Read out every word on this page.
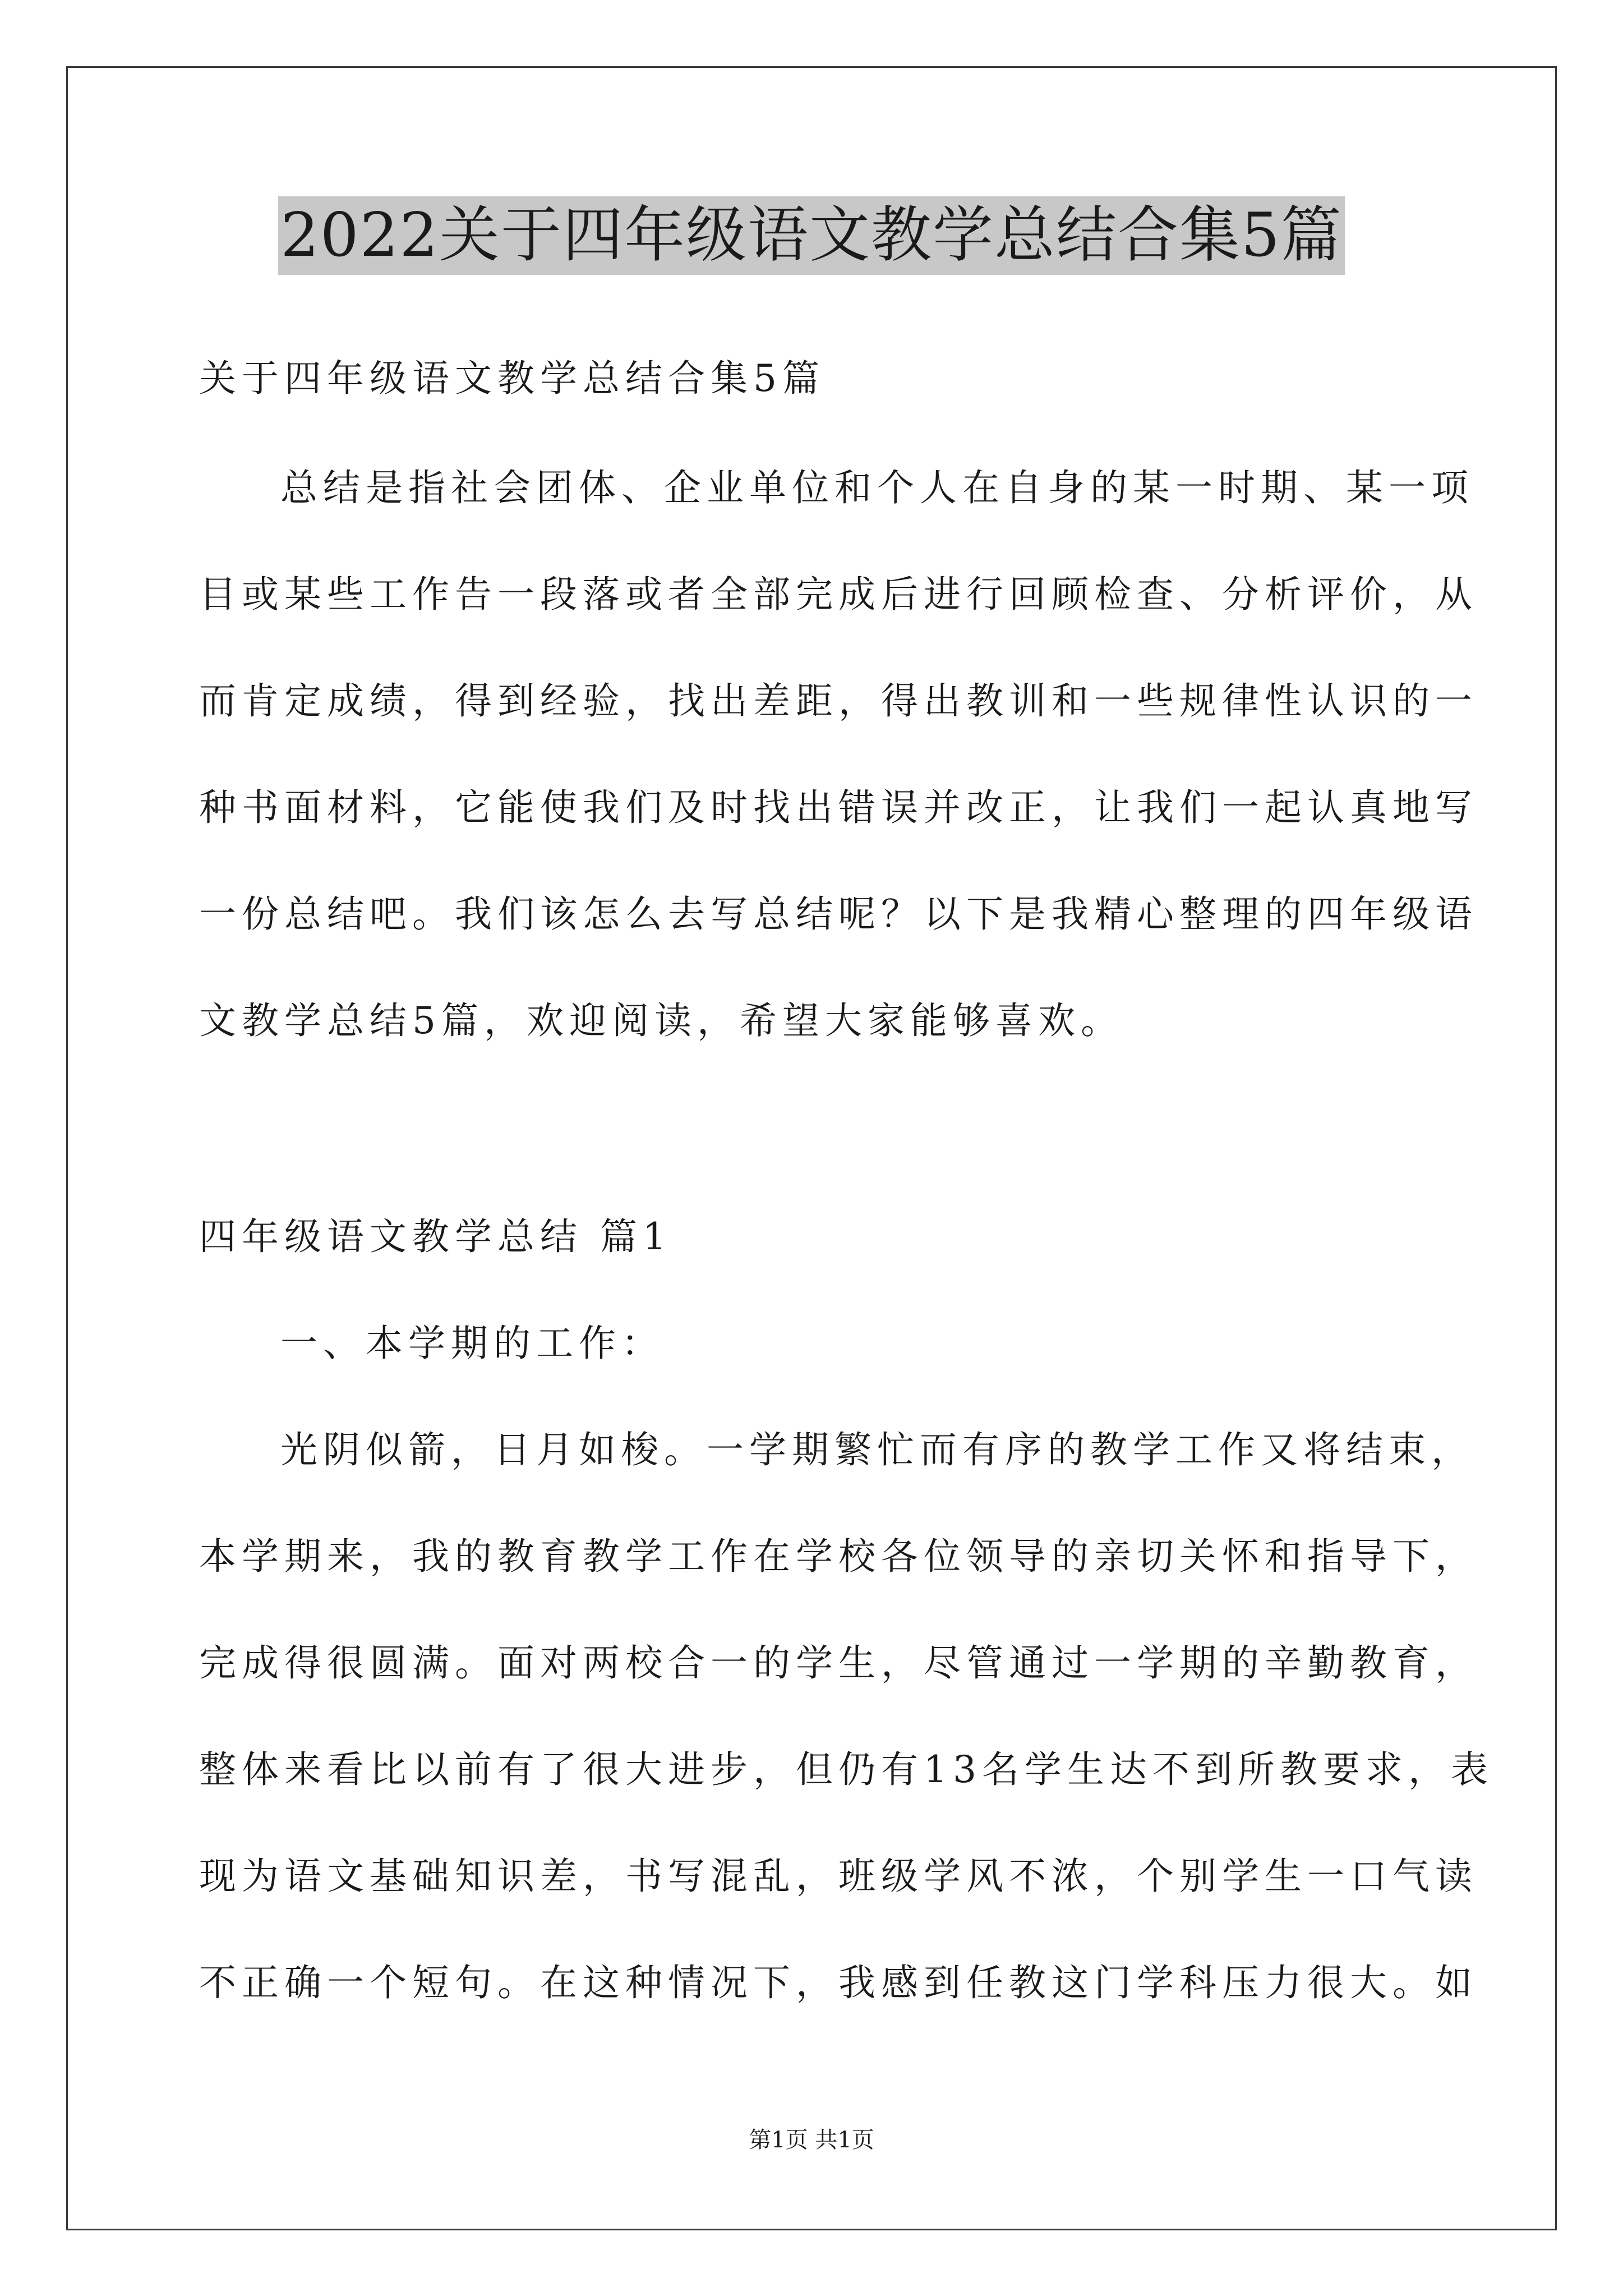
2022关于四年级语文教学总结合集5篇
关于四年级语文教学总结合集5篇
总结是指社会团体、企业单位和个人在自身的某一时期、某一项
目或某些工作告一段落或者全部完成后进行回顾检查、分析评价，从
而肯定成绩，得到经验，找出差距，得出教训和一些规律性认识的一
种书面材料，它能使我们及时找出错误并改正，让我们一起认真地写
一份总结吧。我们该怎么去写总结呢？以下是我精心整理的四年级语
文教学总结5篇，欢迎阅读，希望大家能够喜欢。
四年级语文教学总结 篇1
一、本学期的工作：
光阴似箭，日月如梭。一学期繁忙而有序的教学工作又将结束，
本学期来，我的教育教学工作在学校各位领导的亲切关怀和指导下，
完成得很圆满。面对两校合一的学生，尽管通过一学期的辛勤教育，
整体来看比以前有了很大进步，但仍有13名学生达不到所教要求，表
现为语文基础知识差，书写混乱，班级学风不浓，个别学生一口气读
不正确一个短句。在这种情况下，我感到任教这门学科压力很大。如
第1页 共1页
